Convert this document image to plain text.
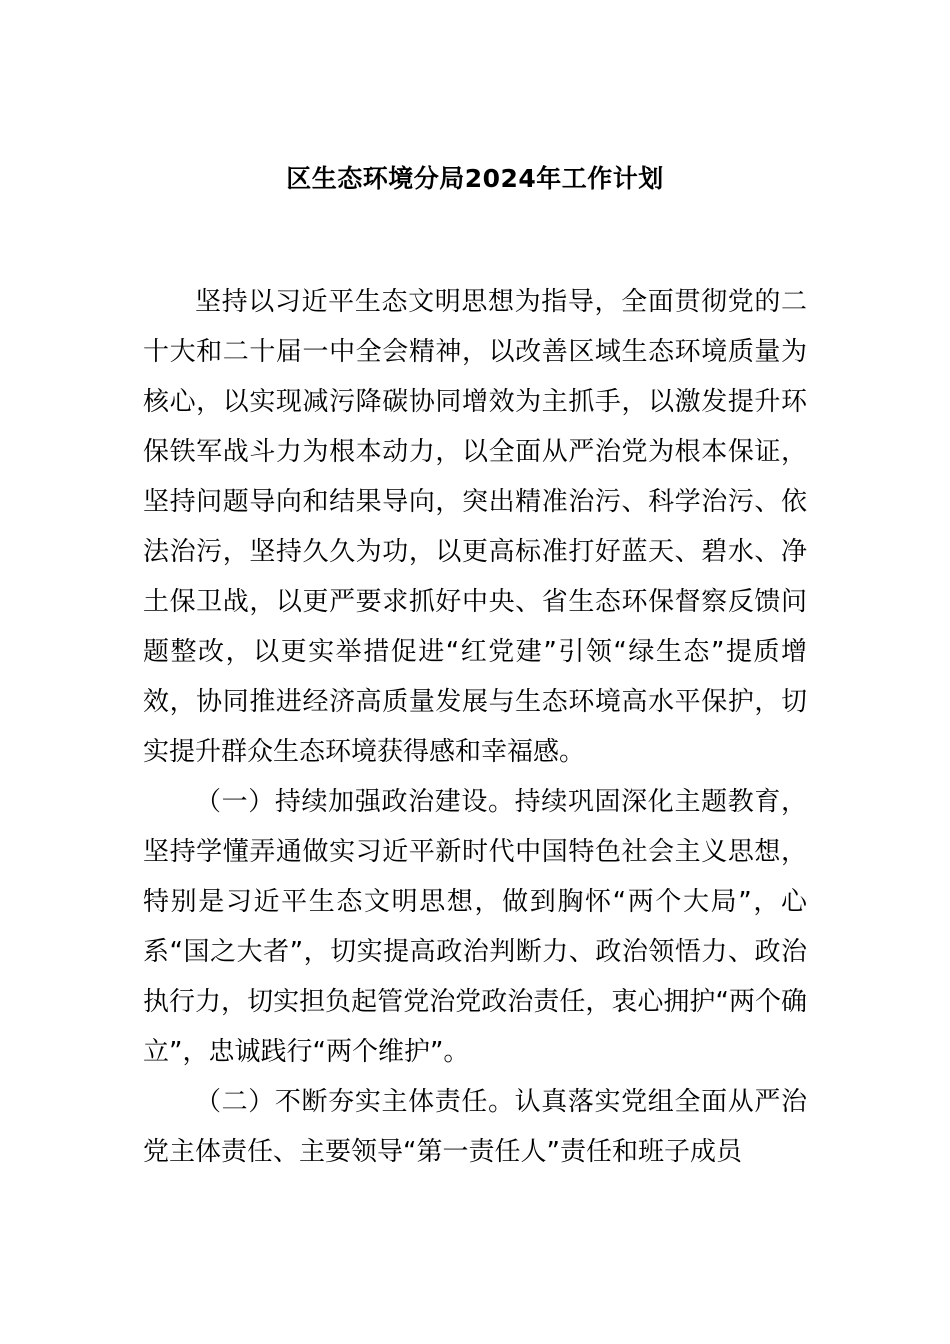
区生态环境分局2024年工作计划

坚持以习近平生态文明思想为指导，全面贯彻党的二十大和二十届一中全会精神，以改善区域生态环境质量为核心，以实现减污降碳协同增效为主抓手，以激发提升环保铁军战斗力为根本动力，以全面从严治党为根本保证，坚持问题导向和结果导向，突出精准治污、科学治污、依法治污，坚持久久为功，以更高标准打好蓝天、碧水、净土保卫战，以更严要求抓好中央、省生态环保督察反馈问题整改，以更实举措促进“红党建”引领“绿生态”提质增效，协同推进经济高质量发展与生态环境高水平保护，切实提升群众生态环境获得感和幸福感。

（一）持续加强政治建设。持续巩固深化主题教育，坚持学懂弄通做实习近平新时代中国特色社会主义思想，特别是习近平生态文明思想，做到胸怀“两个大局”，心系“国之大者”，切实提高政治判断力、政治领悟力、政治执行力，切实担负起管党治党政治责任，衷心拥护“两个确立”，忠诚践行“两个维护”。

（二）不断夯实主体责任。认真落实党组全面从严治党主体责任、主要领导“第一责任人”责任和班子成员
